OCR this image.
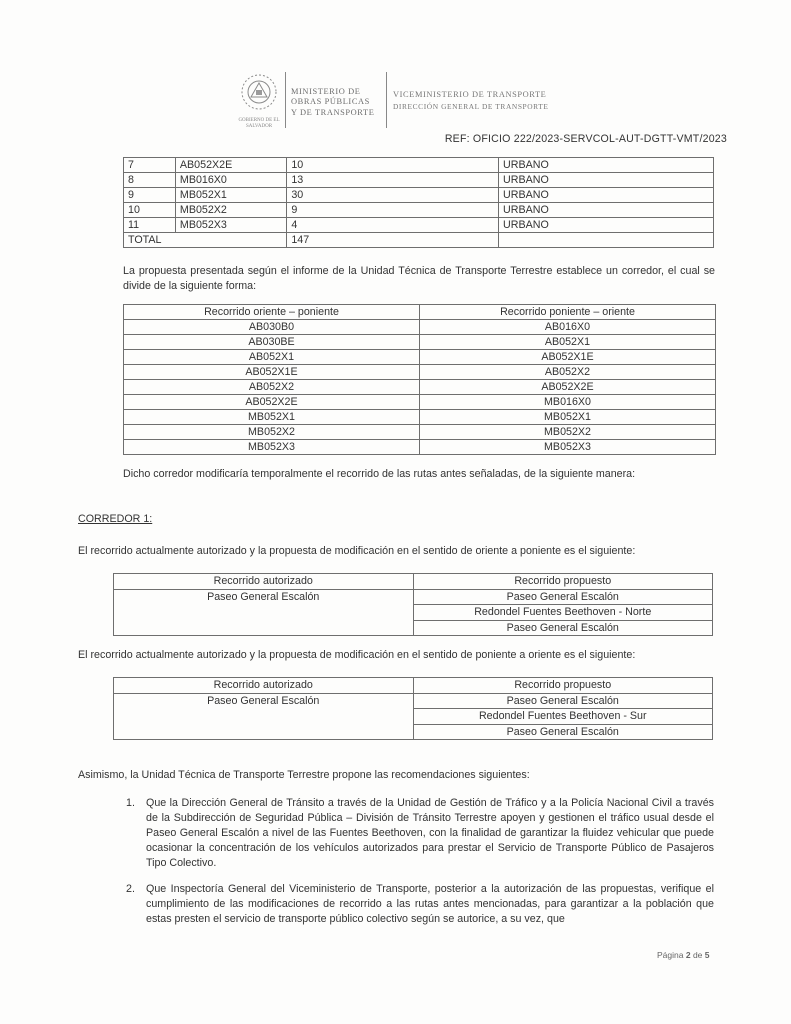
GOBIERNO DE EL SALVADOR
MINISTERIO DE
OBRAS PÚBLICAS
Y DE TRANSPORTE
VICEMINISTERIO DE TRANSPORTE
DIRECCIÓN GENERAL DE TRANSPORTE
REF: OFICIO 222/2023-SERVCOL-AUT-DGTT-VMT/2023
7	AB052X2E	10	URBANO
8	MB016X0	13	URBANO
9	MB052X1	30	URBANO
10	MB052X2	9	URBANO
11	MB052X3	4	URBANO
TOTAL		147	
La propuesta presentada según el informe de la Unidad Técnica de Transporte Terrestre establece un corredor, el cual se divide de la siguiente forma:
Recorrido oriente – poniente	Recorrido poniente – oriente
AB030B0	AB016X0
AB030BE	AB052X1
AB052X1	AB052X1E
AB052X1E	AB052X2
AB052X2	AB052X2E
AB052X2E	MB016X0
MB052X1	MB052X1
MB052X2	MB052X2
MB052X3	MB052X3
Dicho corredor modificaría temporalmente el recorrido de las rutas antes señaladas, de la siguiente manera:
CORREDOR 1:
El recorrido actualmente autorizado y la propuesta de modificación en el sentido de oriente a poniente es el siguiente:
Recorrido autorizado	Recorrido propuesto
Paseo General Escalón	Paseo General Escalón
	Redondel Fuentes Beethoven - Norte
	Paseo General Escalón
El recorrido actualmente autorizado y la propuesta de modificación en el sentido de poniente a oriente es el siguiente:
Recorrido autorizado	Recorrido propuesto
Paseo General Escalón	Paseo General Escalón
	Redondel Fuentes Beethoven - Sur
	Paseo General Escalón
Asimismo, la Unidad Técnica de Transporte Terrestre propone las recomendaciones siguientes:
1. Que la Dirección General de Tránsito a través de la Unidad de Gestión de Tráfico y a la Policía Nacional Civil a través de la Subdirección de Seguridad Pública – División de Tránsito Terrestre apoyen y gestionen el tráfico usual desde el Paseo General Escalón a nivel de las Fuentes Beethoven, con la finalidad de garantizar la fluidez vehicular que puede ocasionar la concentración de los vehículos autorizados para prestar el Servicio de Transporte Público de Pasajeros Tipo Colectivo.
2. Que Inspectoría General del Viceministerio de Transporte, posterior a la autorización de las propuestas, verifique el cumplimiento de las modificaciones de recorrido a las rutas antes mencionadas, para garantizar a la población que estas presten el servicio de transporte público colectivo según se autorice, a su vez, que
Página 2 de 5
